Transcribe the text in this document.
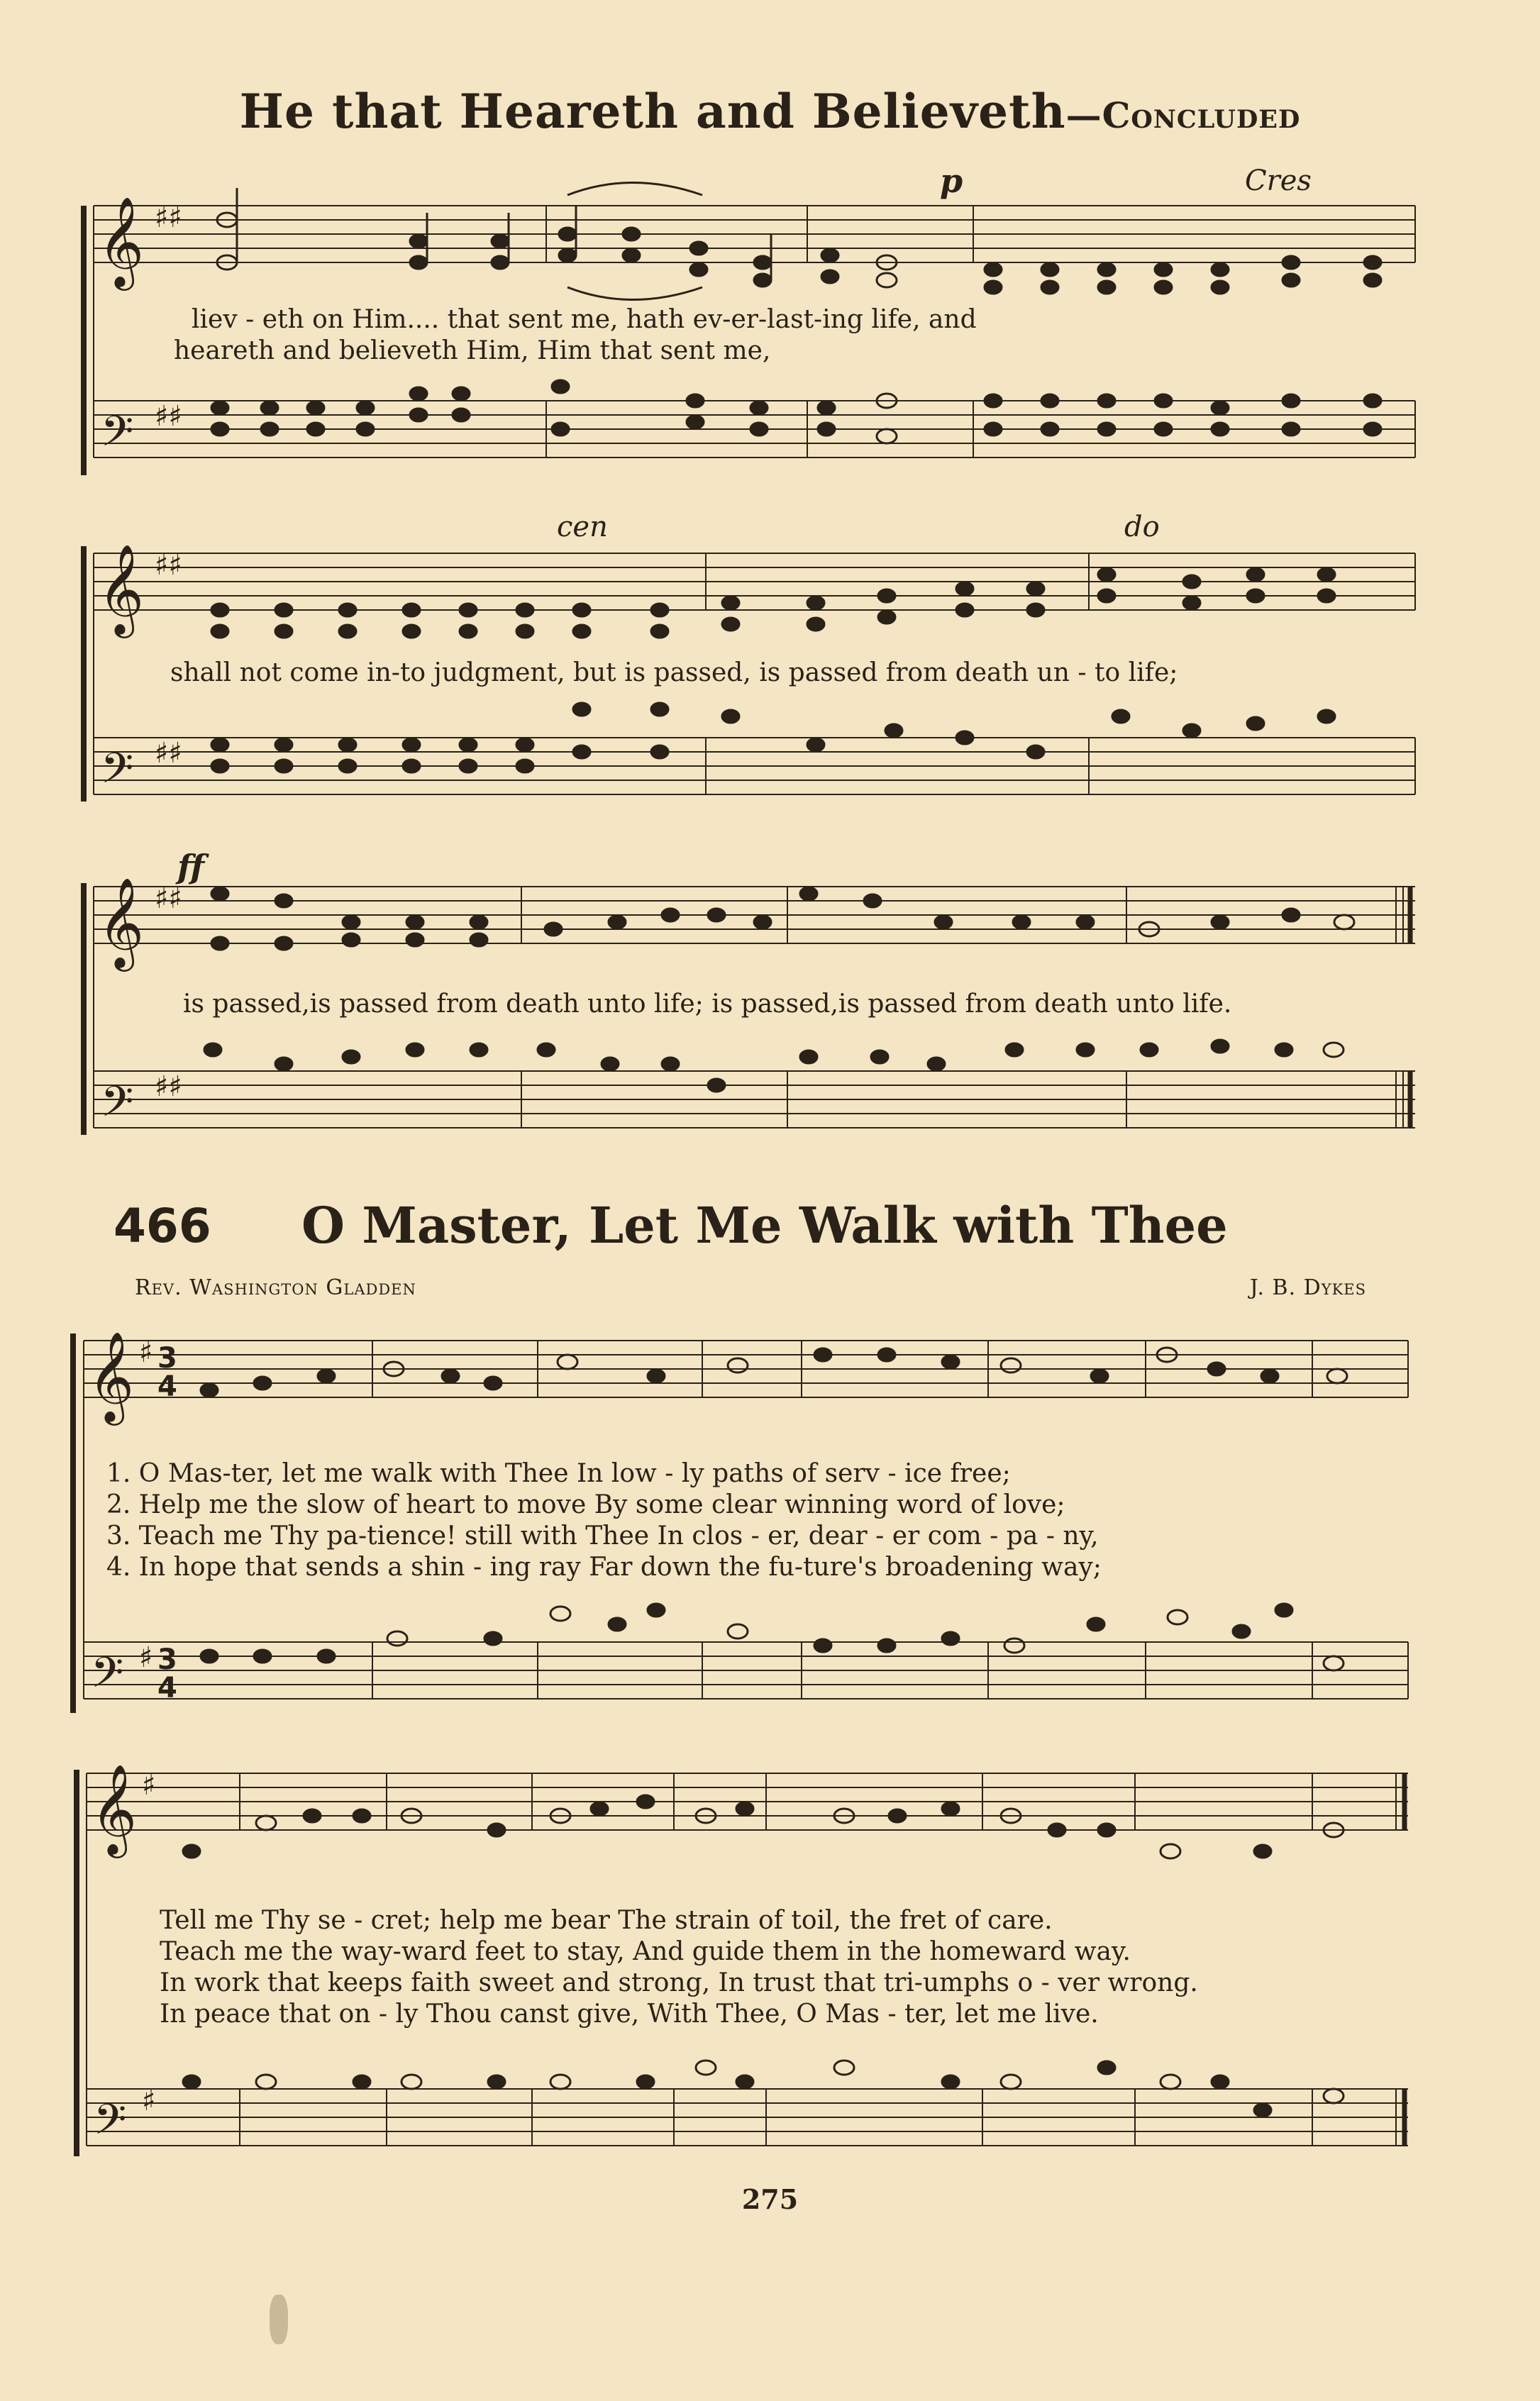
He that Heareth and Believeth—Concluded
𝄞
𝄢
♯♯
♯♯
𝄞
𝄢
♯♯
♯♯
𝄞
𝄢
♯♯
♯♯
𝄞
𝄢
♯
♯
3
4
3
4
𝄞
𝄢
♯
♯
p	Cres
cen	do
ff
liev - eth on Him.... that sent me, hath ev-er-last-ing life, and
heareth and believeth Him, Him that sent me,
shall not come in-to judgment, but is passed, is passed from death un - to life;
is passed,is passed from death unto life; is passed,is passed from death unto life.
466 O Master, Let Me Walk with Thee
Rev. Washington Gladden	J. B. Dykes
1. O Mas-ter, let me walk with Thee In low - ly paths of serv - ice free;
2. Help me the slow of heart to move By some clear winning word of love;
3. Teach me Thy pa-tience! still with Thee In clos - er, dear - er com - pa - ny,
4. In hope that sends a shin - ing ray Far down the fu-ture's broadening way;
Tell me Thy se - cret; help me bear The strain of toil, the fret of care.
Teach me the way-ward feet to stay, And guide them in the homeward way.
In work that keeps faith sweet and strong, In trust that tri-umphs o - ver wrong.
In peace that on - ly Thou canst give, With Thee, O Mas - ter, let me live.
275
